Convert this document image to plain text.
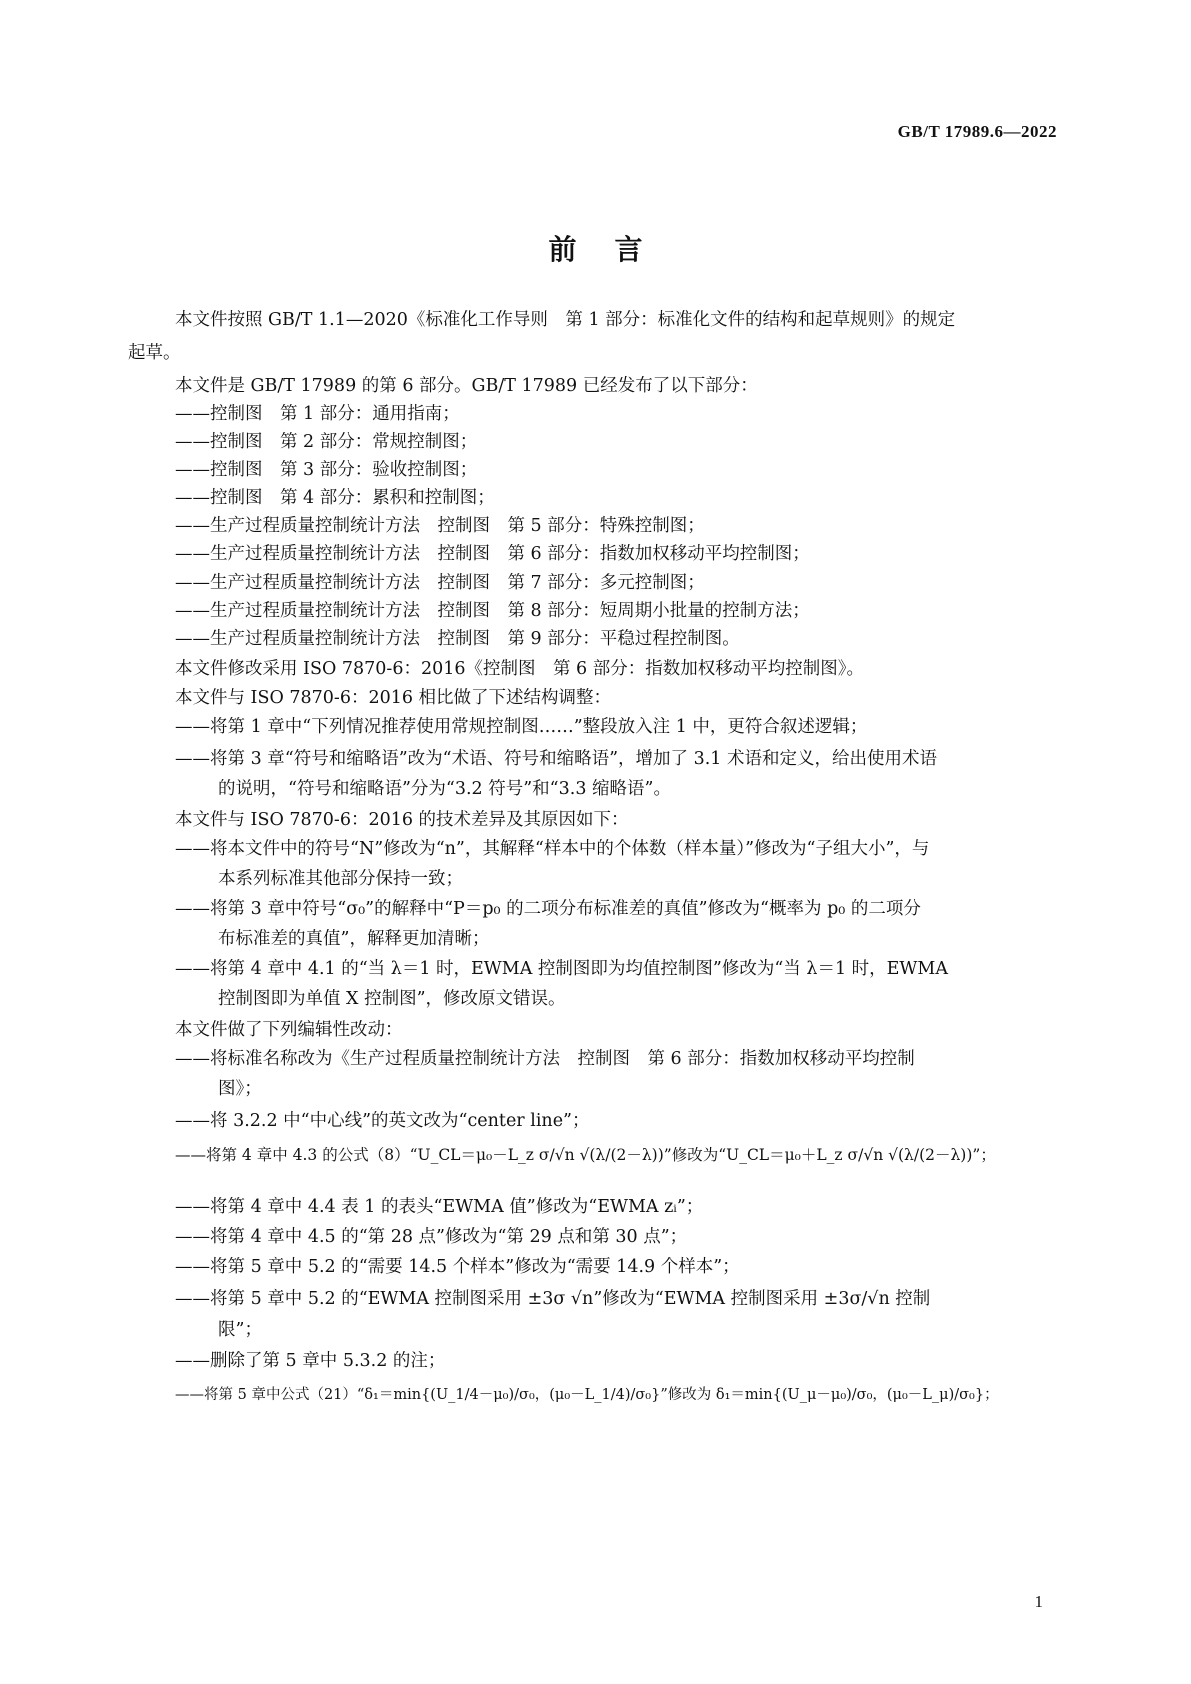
GB/T 17989.6—2022
前言
本文件按照 GB/T 1.1—2020《标准化工作导则　第 1 部分：标准化文件的结构和起草规则》的规定
起草。
本文件是 GB/T 17989 的第 6 部分。GB/T 17989 已经发布了以下部分：
——控制图　第 1 部分：通用指南；
——控制图　第 2 部分：常规控制图；
——控制图　第 3 部分：验收控制图；
——控制图　第 4 部分：累积和控制图；
——生产过程质量控制统计方法　控制图　第 5 部分：特殊控制图；
——生产过程质量控制统计方法　控制图　第 6 部分：指数加权移动平均控制图；
——生产过程质量控制统计方法　控制图　第 7 部分：多元控制图；
——生产过程质量控制统计方法　控制图　第 8 部分：短周期小批量的控制方法；
——生产过程质量控制统计方法　控制图　第 9 部分：平稳过程控制图。
本文件修改采用 ISO 7870-6：2016《控制图　第 6 部分：指数加权移动平均控制图》。
本文件与 ISO 7870-6：2016 相比做了下述结构调整：
——将第 1 章中“下列情况推荐使用常规控制图……”整段放入注 1 中，更符合叙述逻辑；
——将第 3 章“符号和缩略语”改为“术语、符号和缩略语”，增加了 3.1 术语和定义，给出使用术语
的说明，“符号和缩略语”分为“3.2 符号”和“3.3 缩略语”。
本文件与 ISO 7870-6：2016 的技术差异及其原因如下：
——将本文件中的符号“N”修改为“n”，其解释“样本中的个体数（样本量）”修改为“子组大小”，与
本系列标准其他部分保持一致；
——将第 3 章中符号“σ₀”的解释中“P＝p₀ 的二项分布标准差的真值”修改为“概率为 p₀ 的二项分
布标准差的真值”，解释更加清晰；
——将第 4 章中 4.1 的“当 λ＝1 时，EWMA 控制图即为均值控制图”修改为“当 λ＝1 时，EWMA
控制图即为单值 X 控制图”，修改原文错误。
本文件做了下列编辑性改动：
——将标准名称改为《生产过程质量控制统计方法　控制图　第 6 部分：指数加权移动平均控制
图》；
——将 3.2.2 中“中心线”的英文改为“center line”；
——将第 4 章中 4.3 的公式（8）“U_CL＝μ₀－L_z σ/√n √(λ/(2－λ))”修改为“U_CL＝μ₀＋L_z σ/√n √(λ/(2－λ))”；
——将第 4 章中 4.4 表 1 的表头“EWMA 值”修改为“EWMA zᵢ”；
——将第 4 章中 4.5 的“第 28 点”修改为“第 29 点和第 30 点”；
——将第 5 章中 5.2 的“需要 14.5 个样本”修改为“需要 14.9 个样本”；
——将第 5 章中 5.2 的“EWMA 控制图采用 ±3σ √n”修改为“EWMA 控制图采用 ±3σ/√n 控制
限”；
——删除了第 5 章中 5.3.2 的注；
——将第 5 章中公式（21）“δ₁＝min{(U_1/4－μ₀)/σ₀，(μ₀－L_1/4)/σ₀}”修改为 δ₁＝min{(U_μ－μ₀)/σ₀，(μ₀－L_μ)/σ₀}；
1
